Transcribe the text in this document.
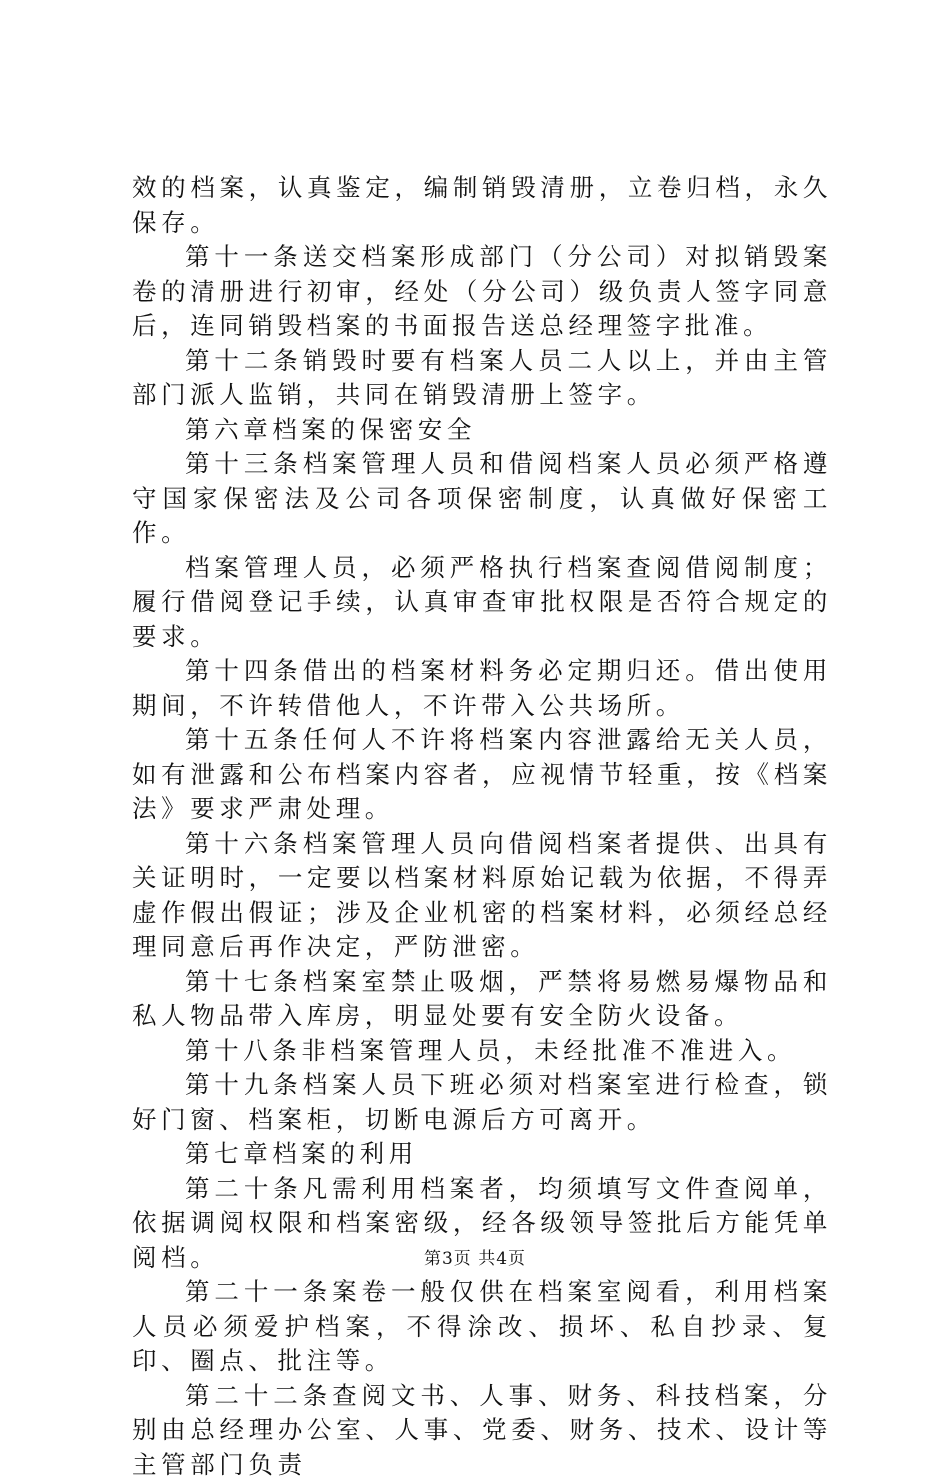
效的档案，认真鉴定，编制销毁清册，立卷归档，永久保存。

第十一条送交档案形成部门（分公司）对拟销毁案卷的清册进行初审，经处（分公司）级负责人签字同意后，连同销毁档案的书面报告送总经理签字批准。

第十二条销毁时要有档案人员二人以上，并由主管部门派人监销，共同在销毁清册上签字。

第六章档案的保密安全

第十三条档案管理人员和借阅档案人员必须严格遵守国家保密法及公司各项保密制度，认真做好保密工作。

档案管理人员，必须严格执行档案查阅借阅制度；履行借阅登记手续，认真审查审批权限是否符合规定的要求。

第十四条借出的档案材料务必定期归还。借出使用期间，不许转借他人，不许带入公共场所。

第十五条任何人不许将档案内容泄露给无关人员，如有泄露和公布档案内容者，应视情节轻重，按《档案法》要求严肃处理。

第十六条档案管理人员向借阅档案者提供、出具有关证明时，一定要以档案材料原始记载为依据，不得弄虚作假出假证；涉及企业机密的档案材料，必须经总经理同意后再作决定，严防泄密。

第十七条档案室禁止吸烟，严禁将易燃易爆物品和私人物品带入库房，明显处要有安全防火设备。

第十八条非档案管理人员，未经批准不准进入。

第十九条档案人员下班必须对档案室进行检查，锁好门窗、档案柜，切断电源后方可离开。

第七章档案的利用

第二十条凡需利用档案者，均须填写文件查阅单，依据调阅权限和档案密级，经各级领导签批后方能凭单阅档。

第二十一条案卷一般仅供在档案室阅看，利用档案人员必须爱护档案，不得涂改、损坏、私自抄录、复印、圈点、批注等。

第二十二条查阅文书、人事、财务、科技档案，分别由总经理办公室、人事、党委、财务、技术、设计等主管部门负责

第3页 共4页
